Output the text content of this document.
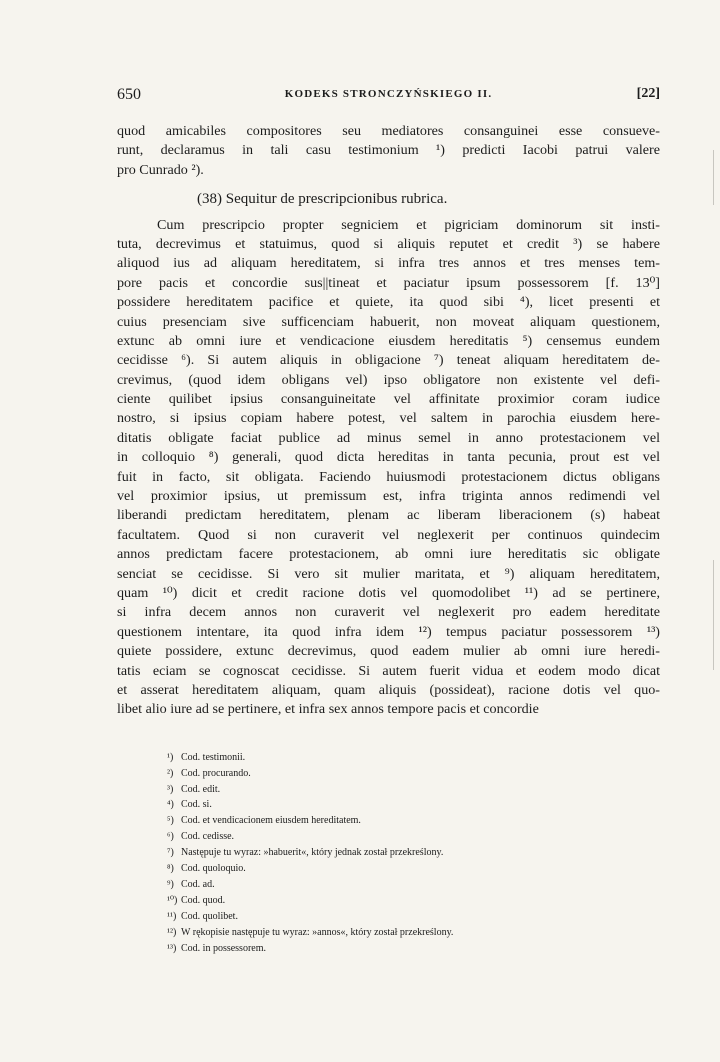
650	KODEKS STRONCZYŃSKIEGO II.	[22]
quod amicabiles compositores seu mediatores consanguinei esse consueve-
runt, declaramus in tali casu testimonium ¹) predicti Iacobi patrui valere
pro Cunrado ²).
(38) Sequitur de prescripcionibus rubrica.
Cum prescripcio propter segniciem et pigriciam dominorum sit insti-
tuta, decrevimus et statuimus, quod si aliquis reputet et credit ³) se habere
aliquod ius ad aliquam hereditatem, si infra tres annos et tres menses tem-
pore pacis et concordie sus||tineat et paciatur ipsum possessorem [f. 13⁰]
possidere hereditatem pacifice et quiete, ita quod sibi ⁴), licet presenti et
cuius presenciam sive sufficenciam habuerit, non moveat aliquam questionem,
extunc ab omni iure et vendicacione eiusdem hereditatis ⁵) censemus eundem
cecidisse ⁶). Si autem aliquis in obligacione ⁷) teneat aliquam hereditatem de-
crevimus, (quod idem obligans vel) ipso obligatore non existente vel defi-
ciente quilibet ipsius consanguineitate vel affinitate proximior coram iudice
nostro, si ipsius copiam habere potest, vel saltem in parochia eiusdem here-
ditatis obligate faciat publice ad minus semel in anno protestacionem vel
in colloquio ⁸) generali, quod dicta hereditas in tanta pecunia, prout est vel
fuit in facto, sit obligata. Faciendo huiusmodi protestacionem dictus obligans
vel proximior ipsius, ut premissum est, infra triginta annos redimendi vel
liberandi predictam hereditatem, plenam ac liberam liberacionem (s) habeat
facultatem. Quod si non curaverit vel neglexerit per continuos quindecim
annos predictam facere protestacionem, ab omni iure hereditatis sic obligate
senciat se cecidisse. Si vero sit mulier maritata, et ⁹) aliquam hereditatem,
quam ¹⁰) dicit et credit racione dotis vel quomodolibet ¹¹) ad se pertinere,
si infra decem annos non curaverit vel neglexerit pro eadem hereditate
questionem intentare, ita quod infra idem ¹²) tempus paciatur possessorem ¹³)
quiete possidere, extunc decrevimus, quod eadem mulier ab omni iure heredi-
tatis eciam se cognoscat cecidisse. Si autem fuerit vidua et eodem modo dicat
et asserat hereditatem aliquam, quam aliquis (possideat), racione dotis vel quo-
libet alio iure ad se pertinere, et infra sex annos tempore pacis et concordie
¹) Cod. testimonii.
²) Cod. procurando.
³) Cod. edit.
⁴) Cod. si.
⁵) Cod. et vendicacionem eiusdem hereditatem.
⁶) Cod. cedisse.
⁷) Następuje tu wyraz: »habuerit«, który jednak został przekreślony.
⁸) Cod. quoloquio.
⁹) Cod. ad.
¹⁰) Cod. quod.
¹¹) Cod. quolibet.
¹²) W rękopisie następuje tu wyraz: »annos«, który został przekreślony.
¹³) Cod. in possessorem.
